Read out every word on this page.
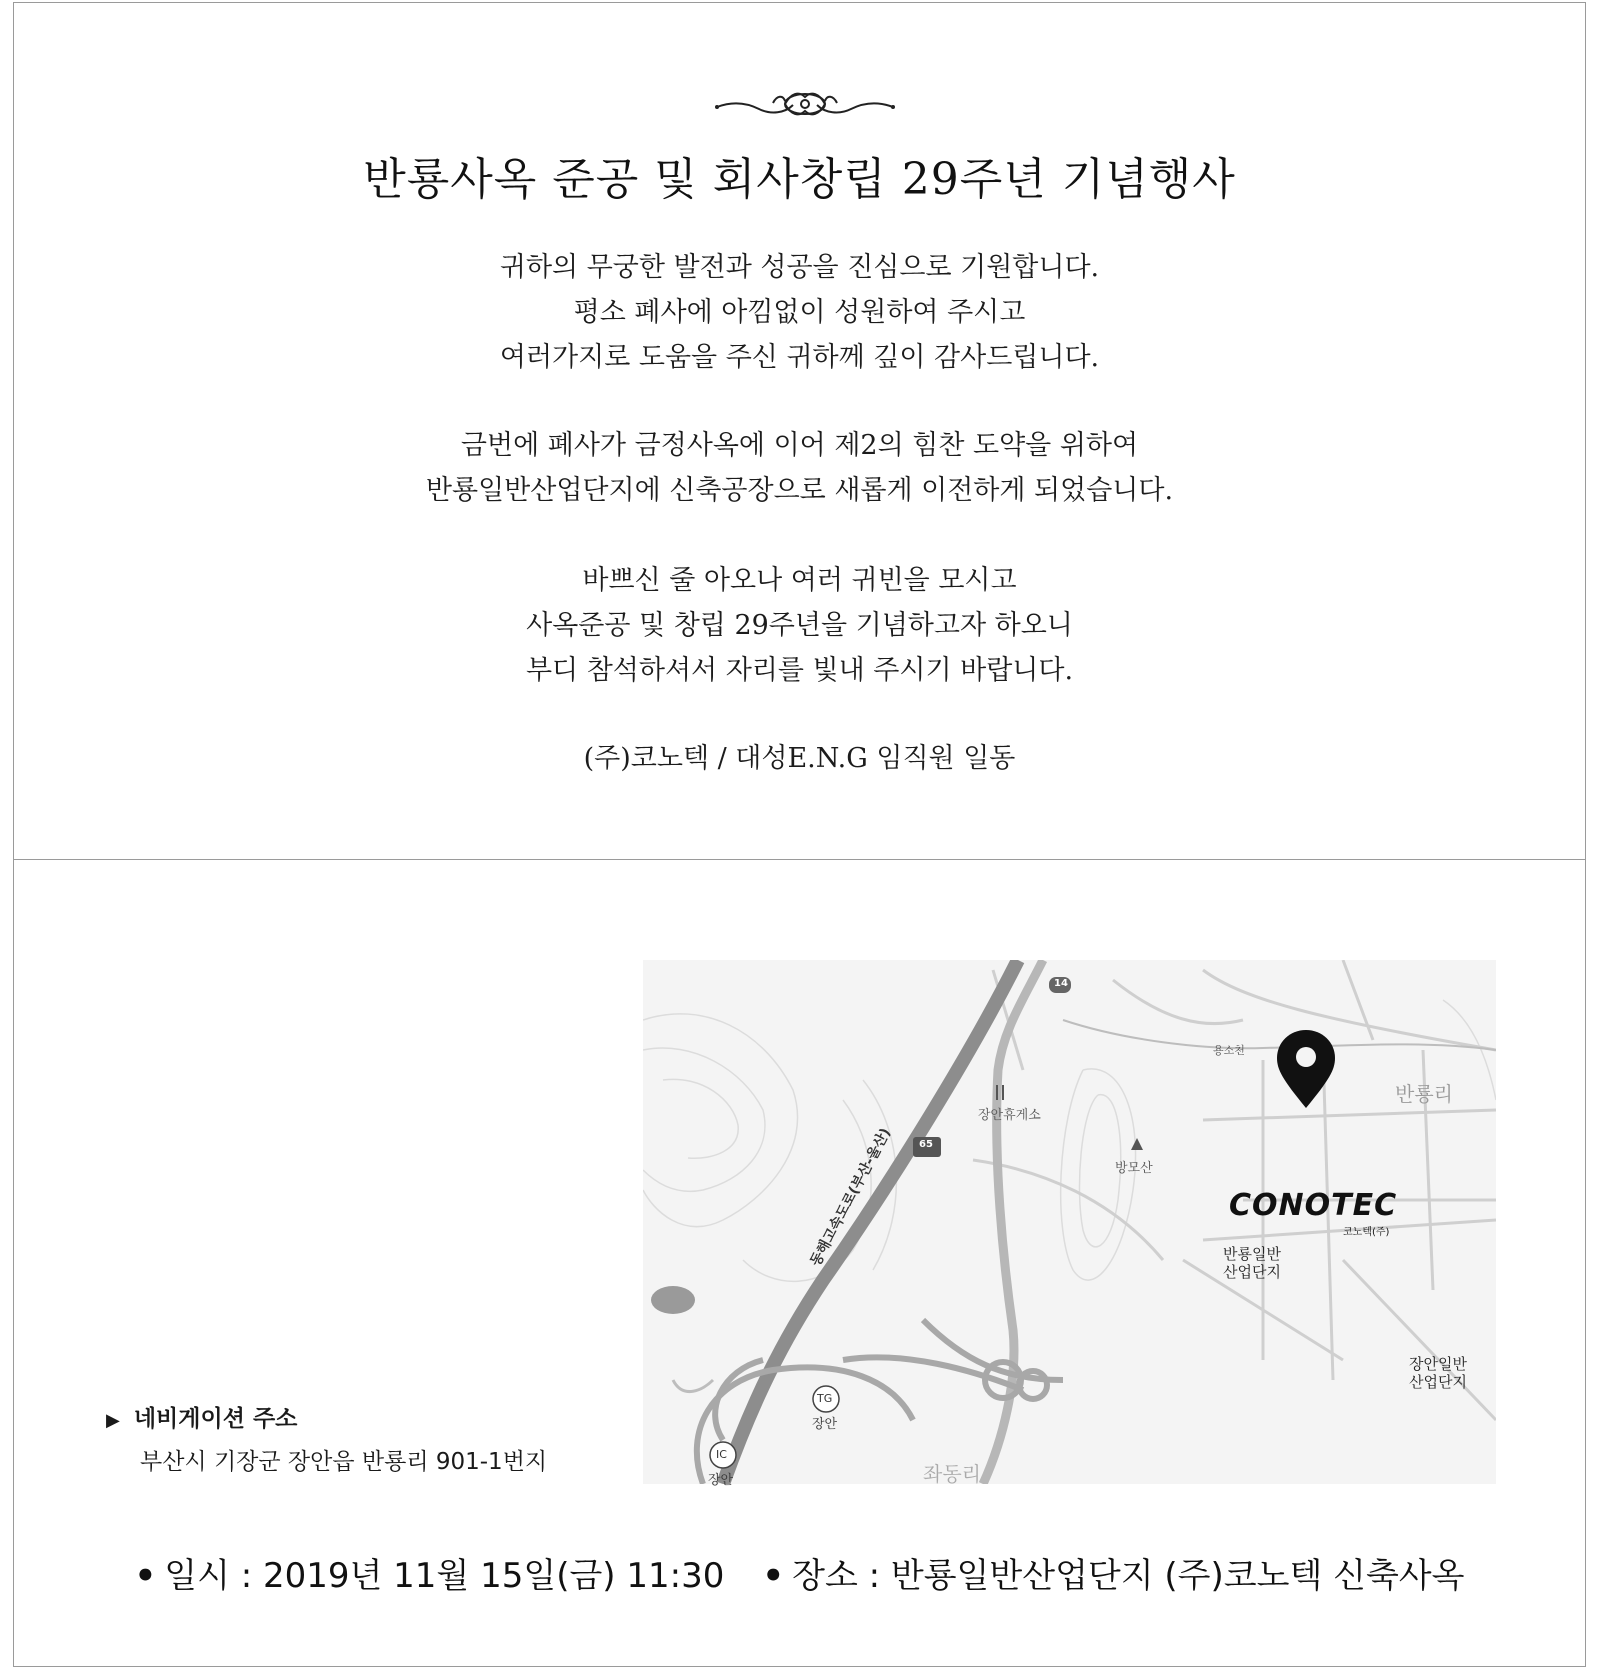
반룡사옥 준공 및 회사창립 29주년 기념행사
귀하의 무궁한 발전과 성공을 진심으로 기원합니다.
평소 폐사에 아낌없이 성원하여 주시고
여러가지로 도움을 주신 귀하께 깊이 감사드립니다.
금번에 폐사가 금정사옥에 이어 제2의 힘찬 도약을 위하여
반룡일반산업단지에 신축공장으로 새롭게 이전하게 되었습니다.
바쁘신 줄 아오나 여러 귀빈을 모시고
사옥준공 및 창립 29주년을 기념하고자 하오니
부디 참석하셔서 자리를 빛내 주시기 바랍니다.
(주)코노텍 / 대성E.N.G 임직원 일동
65
14
동해고속도로(부산-울산)
장안휴게소
방모산
용소천
반룡리
반룡일반
산업단지
장안일반
산업단지
좌동리
TG
장안
IC
장안
CONOTEC
코노텍(주)
▶ 네비게이션 주소
부산시 기장군 장안읍 반룡리 901-1번지
• 일시 : 2019년 11월 15일(금) 11:30 • 장소 : 반룡일반산업단지 (주)코노텍 신축사옥
